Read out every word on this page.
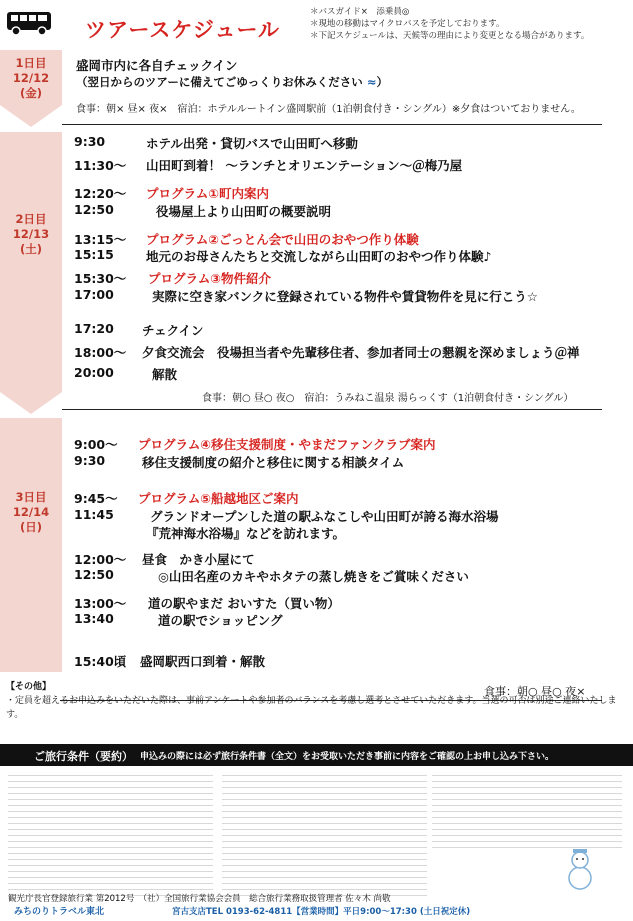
ツアースケジュール
＊バスガイド×　添乗員◎
＊現地の移動はマイクロバスを予定しております。
＊下記スケジュールは、天候等の理由により変更となる場合があります。
1日目
12/12
(金)
盛岡市内に各自チェックイン
（翌日からのツアーに備えてごゆっくりお休みください ≈）
食事：朝× 昼× 夜×　宿泊：ホテルルートイン盛岡駅前（1泊朝食付き・シングル）※夕食はついておりません。
2日目
12/13
(土)
9:30	ホテル出発・貸切バスで山田町へ移動
11:30～ 山田町到着！ ～ランチとオリエンテーション～＠梅乃屋
12:20～ プログラム①町内案内
12:50	役場屋上より山田町の概要説明
13:15～ プログラム②ごっとん会で山田のおやつ作り体験
15:15	地元のお母さんたちと交流しながら山田町のおやつ作り体験♪
15:30～ プログラム③物件紹介
17:00	実際に空き家バンクに登録されている物件や賃貸物件を見に行こう☆
17:20 チェクイン
18:00～ 夕食交流会　役場担当者や先輩移住者、参加者同士の懇親を深めましょう＠禅
20:00	解散
食事：朝○ 昼○ 夜○　宿泊：うみねこ温泉 湯らっくす（1泊朝食付き・シングル）
3日目
12/14
(日)
9:00～ プログラム④移住支援制度・やまだファンクラブ案内
9:30	移住支援制度の紹介と移住に関する相談タイム
9:45～ プログラム⑤船越地区ご案内
11:45	グランドオープンした道の駅ふなこしや山田町が誇る海水浴場
『荒神海水浴場』などを訪れます。
12:00～ 昼食　かき小屋にて
12:50	◎山田名産のカキやホタテの蒸し焼きをご賞味ください
13:00～ 道の駅やまだ おいすた（買い物）
13:40	道の駅でショッピング
15:40頃 盛岡駅西口到着・解散
食事：朝○ 昼○ 夜×
【その他】
・定員を超えるお申込みをいただいた際は、事前アンケートや参加者のバランスを考慮し選考とさせていただきます。当選の可否は別途ご連絡いたします。
ご旅行条件（要約） 申込みの際には必ず旅行条件書（全文）をお受取いただき事前に内容をご確認の上お申し込み下さい。
観光庁長官登録旅行業 第2012号　（社）全国旅行業協会会員　総合旅行業務取扱管理者 佐々木 尚敬
みちのりトラベル東北	宮古支店TEL 0193-62-4811【営業時間】平日9:00～17:30 (土日祝定休)
